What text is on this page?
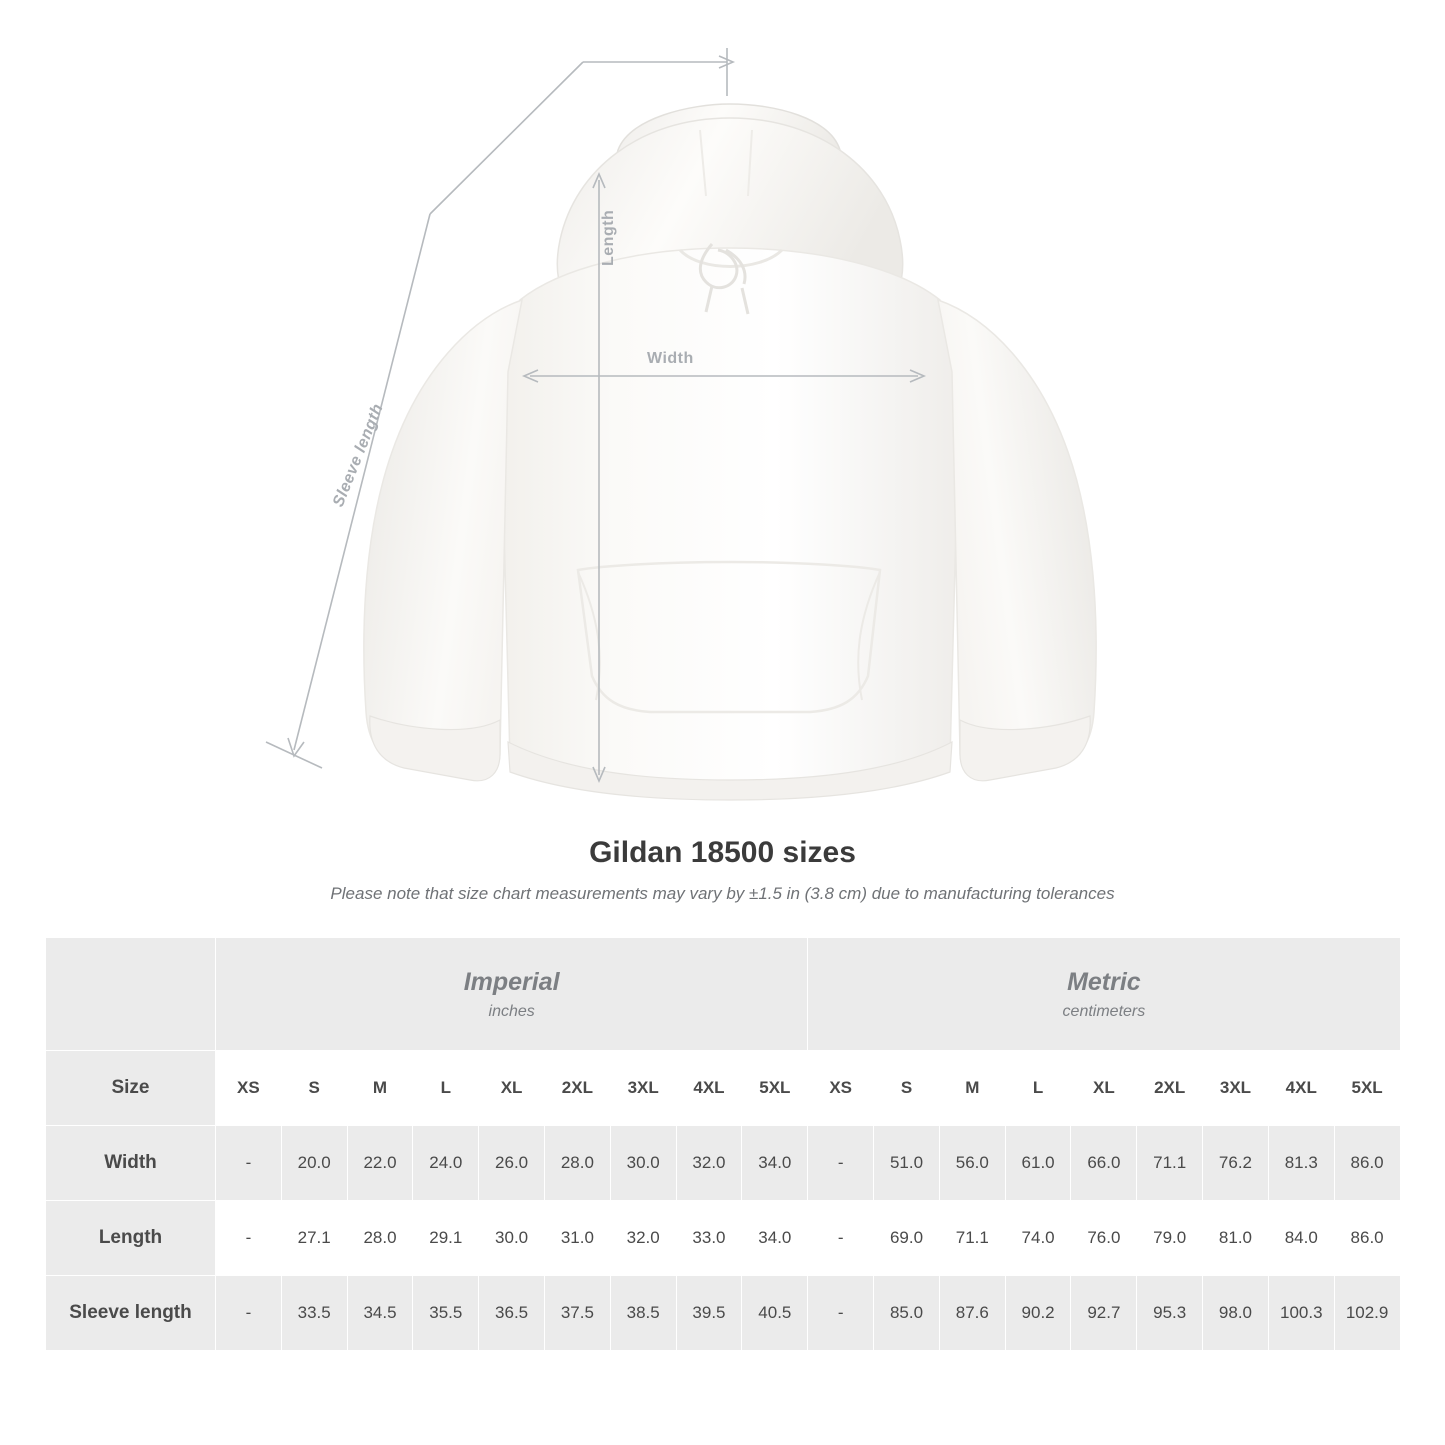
Length
Width
Sleeve length
Gildan 18500 sizes
Please note that size chart measurements may vary by ±1.5 in (3.8 cm) due to manufacturing tolerances

Imperial
inches

Metric
centimeters

Size	XS	S	M	L	XL	2XL	3XL	4XL	5XL	XS	S	M	L	XL	2XL	3XL	4XL	5XL
Width	-	20.0	22.0	24.0	26.0	28.0	30.0	32.0	34.0	-	51.0	56.0	61.0	66.0	71.1	76.2	81.3	86.0
Length	-	27.1	28.0	29.1	30.0	31.0	32.0	33.0	34.0	-	69.0	71.1	74.0	76.0	79.0	81.0	84.0	86.0
Sleeve length	-	33.5	34.5	35.5	36.5	37.5	38.5	39.5	40.5	-	85.0	87.6	90.2	92.7	95.3	98.0	100.3	102.9
